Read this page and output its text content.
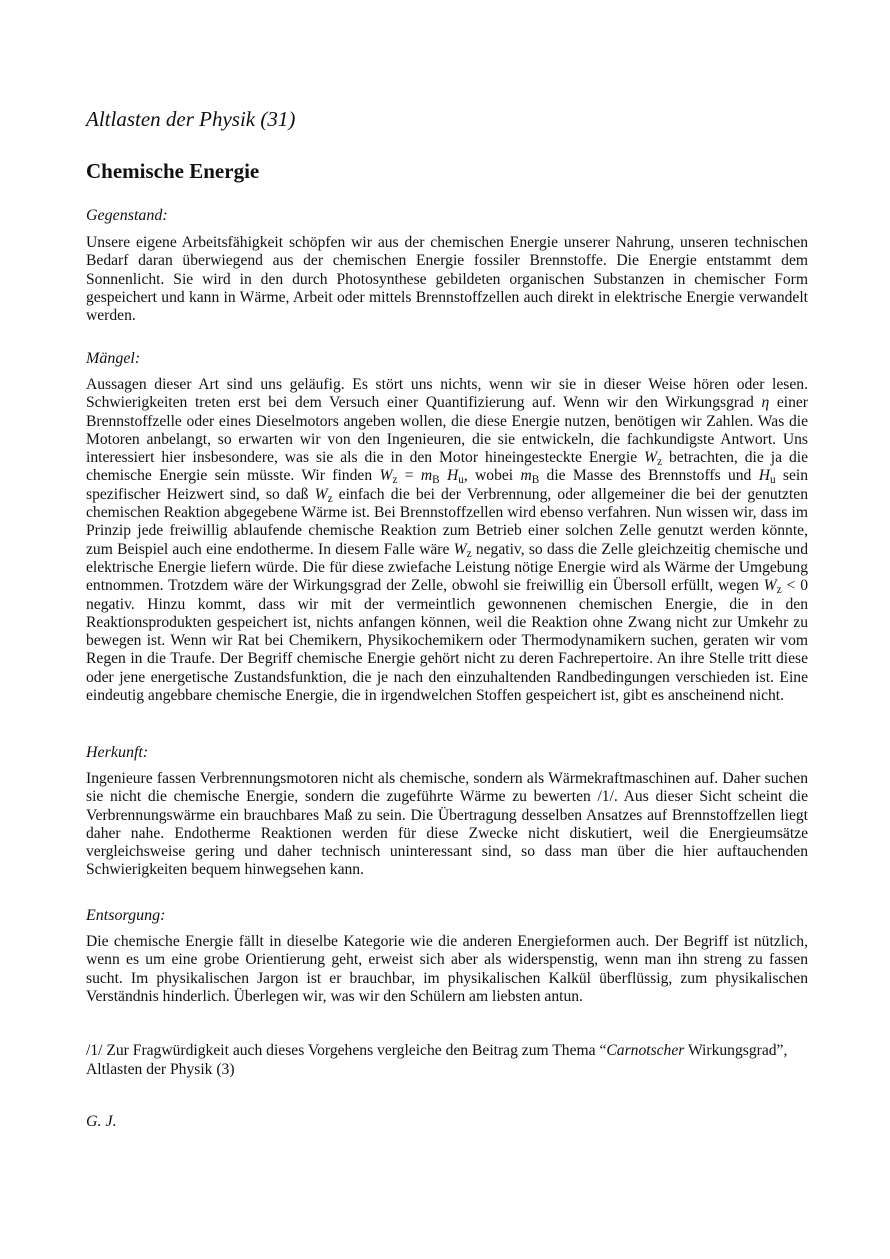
Altlasten der Physik (31)
Chemische Energie
Gegenstand:

Unsere eigene Arbeitsfähigkeit schöpfen wir aus der chemischen Energie unserer Nahrung, unseren technischen Bedarf daran überwiegend aus der chemischen Energie fossiler Brennstoffe. Die Energie entstammt dem Sonnenlicht. Sie wird in den durch Photosynthese gebildeten organischen Substanzen in chemischer Form gespeichert und kann in Wärme, Arbeit oder mittels Brennstoffzellen auch direkt in elektrische Energie verwandelt werden.

Mängel:

Aussagen dieser Art sind uns geläufig. Es stört uns nichts, wenn wir sie in dieser Weise hören oder lesen. Schwierigkeiten treten erst bei dem Versuch einer Quantifizierung auf. Wenn wir den Wirkungsgrad η einer Brennstoffzelle oder eines Dieselmotors angeben wollen, die diese Energie nutzen, benötigen wir Zahlen. Was die Motoren anbelangt, so erwarten wir von den Ingenieuren, die sie entwickeln, die fachkundigste Antwort. Uns interessiert hier insbesondere, was sie als die in den Motor hineingesteckte Energie $W_z$ betrachten, die ja die chemische Energie sein müsste. Wir finden $W_z = m_B$ $H_u$, wobei $m_B$ die Masse des Brennstoffs und $H_u$ sein spezifischer Heizwert sind, so daß $W_z$ einfach die bei der Verbrennung, oder allgemeiner die bei der genutzten chemischen Reaktion abgegebene Wärme ist. Bei Brennstoffzellen wird ebenso verfahren. Nun wissen wir, dass im Prinzip jede freiwillig ablaufende chemische Reaktion zum Betrieb einer solchen Zelle genutzt werden könnte, zum Beispiel auch eine endotherme. In diesem Falle wäre $W_z$ negativ, so dass die Zelle gleichzeitig chemische und elektrische Energie liefern würde. Die für diese zwiefache Leistung nötige Energie wird als Wärme der Umgebung entnommen. Trotzdem wäre der Wirkungsgrad der Zelle, obwohl sie freiwillig ein Übersoll erfüllt, wegen $W_z < 0$ negativ. Hinzu kommt, dass wir mit der vermeintlich gewonnenen chemischen Energie, die in den Reaktionsprodukten gespeichert ist, nichts anfangen können, weil die Reaktion ohne Zwang nicht zur Umkehr zu bewegen ist. Wenn wir Rat bei Chemikern, Physikochemikern oder Thermodynamikern suchen, geraten wir vom Regen in die Traufe. Der Begriff chemische Energie gehört nicht zu deren Fachrepertoire. An ihre Stelle tritt diese oder jene energetische Zustandsfunktion, die je nach den einzuhaltenden Randbedingungen verschieden ist. Eine eindeutig angebbare chemische Energie, die in irgendwelchen Stoffen gespeichert ist, gibt es anscheinend nicht.

Herkunft:

Ingenieure fassen Verbrennungsmotoren nicht als chemische, sondern als Wärmekraftmaschinen auf. Daher suchen sie nicht die chemische Energie, sondern die zugeführte Wärme zu bewerten /1/. Aus dieser Sicht scheint die Verbrennungswärme ein brauchbares Maß zu sein. Die Übertragung desselben Ansatzes auf Brennstoffzellen liegt daher nahe. Endotherme Reaktionen werden für diese Zwecke nicht diskutiert, weil die Energieumsätze vergleichsweise gering und daher technisch uninteressant sind, so dass man über die hier auftauchenden Schwierigkeiten bequem hinwegsehen kann.

Entsorgung:

Die chemische Energie fällt in dieselbe Kategorie wie die anderen Energieformen auch. Der Begriff ist nützlich, wenn es um eine grobe Orientierung geht, erweist sich aber als widerspenstig, wenn man ihn streng zu fassen sucht. Im physikalischen Jargon ist er brauchbar, im physikalischen Kalkül überflüssig, zum physikalischen Verständnis hinderlich. Überlegen wir, was wir den Schülern am liebsten antun.

/1/ Zur Fragwürdigkeit auch dieses Vorgehens vergleiche den Beitrag zum Thema “Carnotscher Wirkungsgrad”, Altlasten der Physik (3)

G. J.
